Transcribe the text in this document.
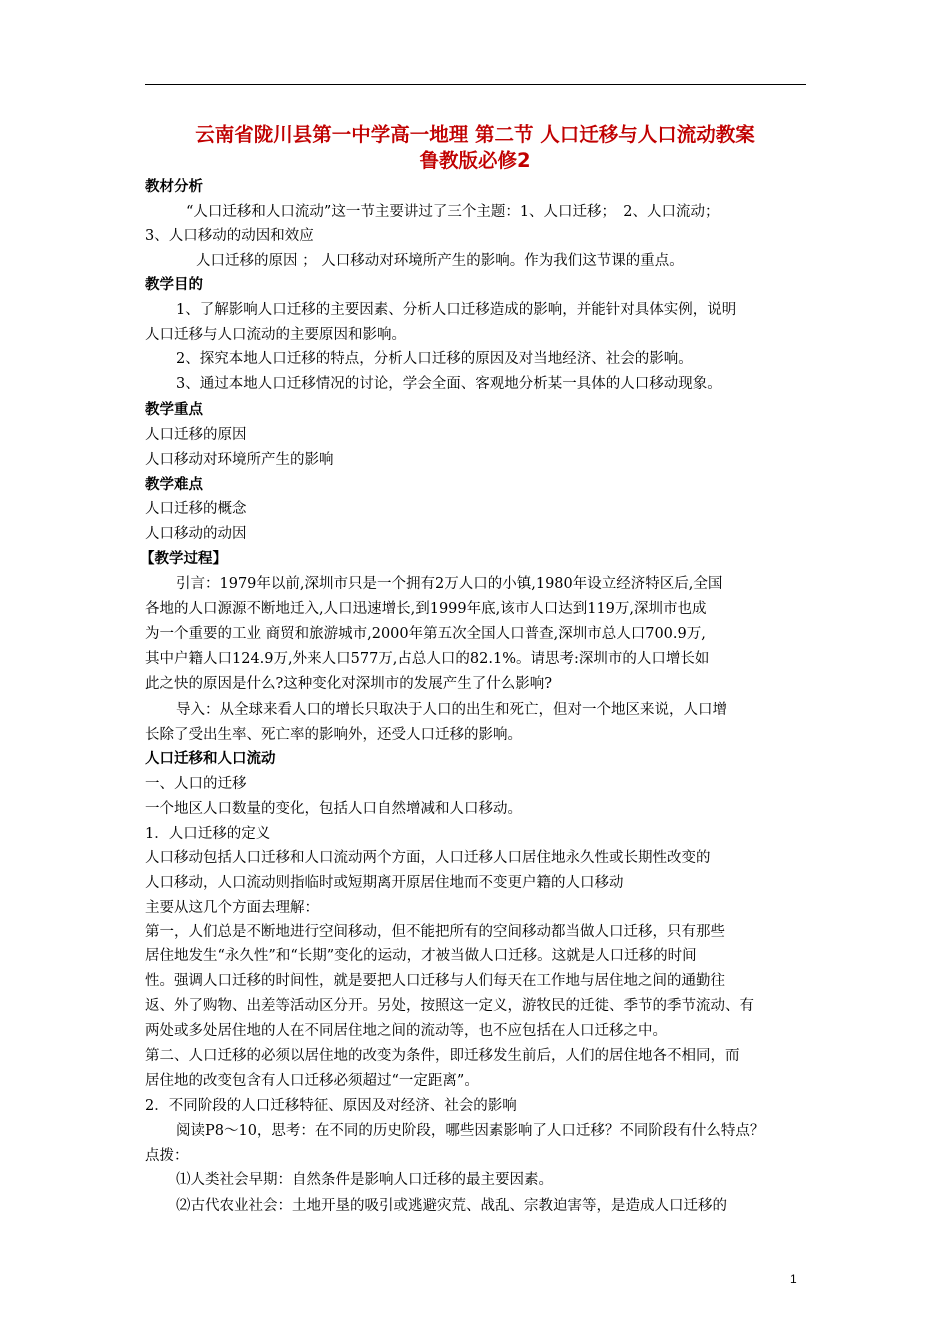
云南省陇川县第一中学高一地理 第二节 人口迁移与人口流动教案
鲁教版必修2
教材分析
“人口迁移和人口流动”这一节主要讲过了三个主题：1、人口迁移；　2、人口流动；
3、人口移动的动因和效应
人口迁移的原因 ； 人口移动对环境所产生的影响。作为我们这节课的重点。
教学目的
1、了解影响人口迁移的主要因素、分析人口迁移造成的影响，并能针对具体实例，说明
人口迁移与人口流动的主要原因和影响。
2、探究本地人口迁移的特点，分析人口迁移的原因及对当地经济、社会的影响。
3、通过本地人口迁移情况的讨论，学会全面、客观地分析某一具体的人口移动现象。
教学重点
人口迁移的原因
人口移动对环境所产生的影响
教学难点
人口迁移的概念
人口移动的动因
【教学过程】
引言：1979年以前,深圳市只是一个拥有2万人口的小镇,1980年设立经济特区后,全国
各地的人口源源不断地迁入,人口迅速增长,到1999年底,该市人口达到119万,深圳市也成
为一个重要的工业 商贸和旅游城市,2000年第五次全国人口普查,深圳市总人口700.9万,
其中户籍人口124.9万,外来人口577万,占总人口的82.1%。请思考:深圳市的人口增长如
此之快的原因是什么?这种变化对深圳市的发展产生了什么影响?
导入：从全球来看人口的增长只取决于人口的出生和死亡，但对一个地区来说，人口增
长除了受出生率、死亡率的影响外，还受人口迁移的影响。
人口迁移和人口流动
一、人口的迁移
一个地区人口数量的变化，包括人口自然增减和人口移动。
1．人口迁移的定义
人口移动包括人口迁移和人口流动两个方面，人口迁移人口居住地永久性或长期性改变的
人口移动，人口流动则指临时或短期离开原居住地而不变更户籍的人口移动
主要从这几个方面去理解：
第一，人们总是不断地进行空间移动，但不能把所有的空间移动都当做人口迁移，只有那些
居住地发生“永久性”和“长期”变化的运动，才被当做人口迁移。这就是人口迁移的时间
性。强调人口迁移的时间性，就是要把人口迁移与人们每天在工作地与居住地之间的通勤往
返、外了购物、出差等活动区分开。另处，按照这一定义，游牧民的迁徙、季节的季节流动、有
两处或多处居住地的人在不同居住地之间的流动等，也不应包括在人口迁移之中。
第二、人口迁移的必须以居住地的改变为条件，即迁移发生前后，人们的居住地各不相同，而
居住地的改变包含有人口迁移必须超过“一定距离”。
2．不同阶段的人口迁移特征、原因及对经济、社会的影响
阅读P8～10，思考：在不同的历史阶段，哪些因素影响了人口迁移？不同阶段有什么特点？
点拨：
⑴人类社会早期：自然条件是影响人口迁移的最主要因素。
⑵古代农业社会：土地开垦的吸引或逃避灾荒、战乱、宗教迫害等，是造成人口迁移的
1
